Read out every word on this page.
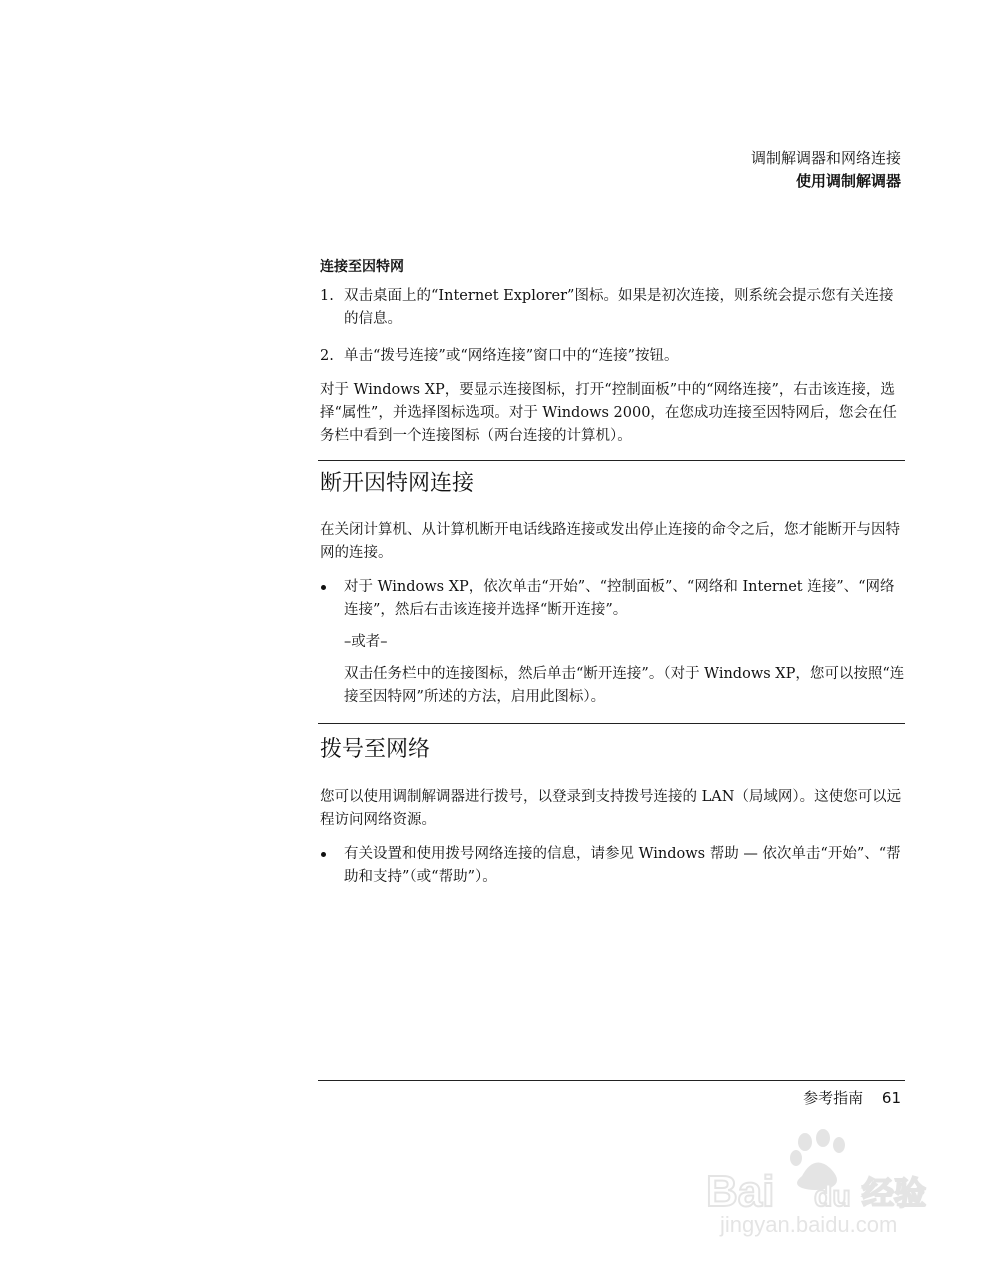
调制解调器和网络连接
使用调制解调器
连接至因特网
1. 双击桌面上的“Internet Explorer”图标。如果是初次连接，则系统会提示您有关连接的信息。
2. 单击“拨号连接”或“网络连接”窗口中的“连接”按钮。
对于 Windows XP，要显示连接图标，打开“控制面板”中的“网络连接”，右击该连接，选择“属性”，并选择图标选项。对于 Windows 2000，在您成功连接至因特网后，您会在任务栏中看到一个连接图标（两台连接的计算机）。
断开因特网连接
在关闭计算机、从计算机断开电话线路连接或发出停止连接的命令之后，您才能断开与因特网的连接。
对于 Windows XP，依次单击“开始”、“控制面板”、“网络和 Internet 连接”、“网络连接”，然后右击该连接并选择“断开连接”。
–或者–
双击任务栏中的连接图标，然后单击“断开连接”。（对于 Windows XP，您可以按照“连接至因特网”所述的方法，启用此图标）。
拨号至网络
您可以使用调制解调器进行拨号，以登录到支持拨号连接的 LAN（局域网）。这使您可以远程访问网络资源。
有关设置和使用拨号网络连接的信息，请参见 Windows 帮助 — 依次单击“开始”、“帮助和支持”（或“帮助”）。
参考指南 61
Bai du 经验
jingyan.baidu.com
